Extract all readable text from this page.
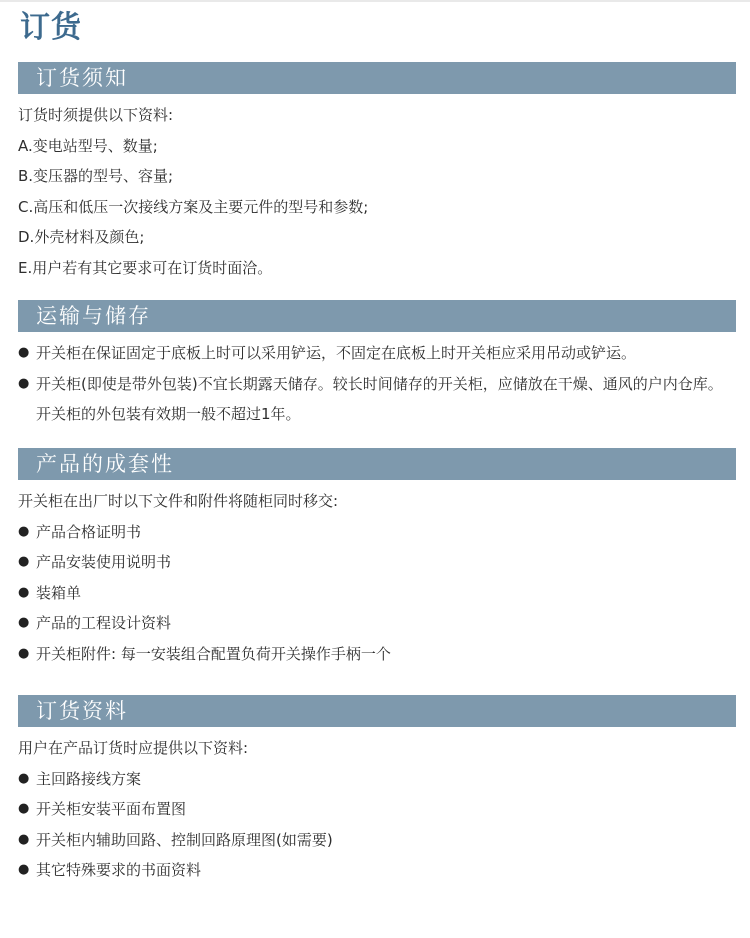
订货
订货须知
订货时须提供以下资料:
A.变电站型号、数量;
B.变压器的型号、容量;
C.高压和低压一次接线方案及主要元件的型号和参数;
D.外壳材料及颜色;
E.用户若有其它要求可在订货时面洽。
运输与储存
● 开关柜在保证固定于底板上时可以采用铲运，不固定在底板上时开关柜应采用吊动或铲运。
● 开关柜(即使是带外包装)不宜长期露天储存。较长时间储存的开关柜，应储放在干燥、通风的户内仓库。开关柜的外包装有效期一般不超过1年。
产品的成套性
开关柜在出厂时以下文件和附件将随柜同时移交:
● 产品合格证明书
● 产品安装使用说明书
● 装箱单
● 产品的工程设计资料
● 开关柜附件: 每一安装组合配置负荷开关操作手柄一个
订货资料
用户在产品订货时应提供以下资料:
● 主回路接线方案
● 开关柜安装平面布置图
● 开关柜内辅助回路、控制回路原理图(如需要)
● 其它特殊要求的书面资料
